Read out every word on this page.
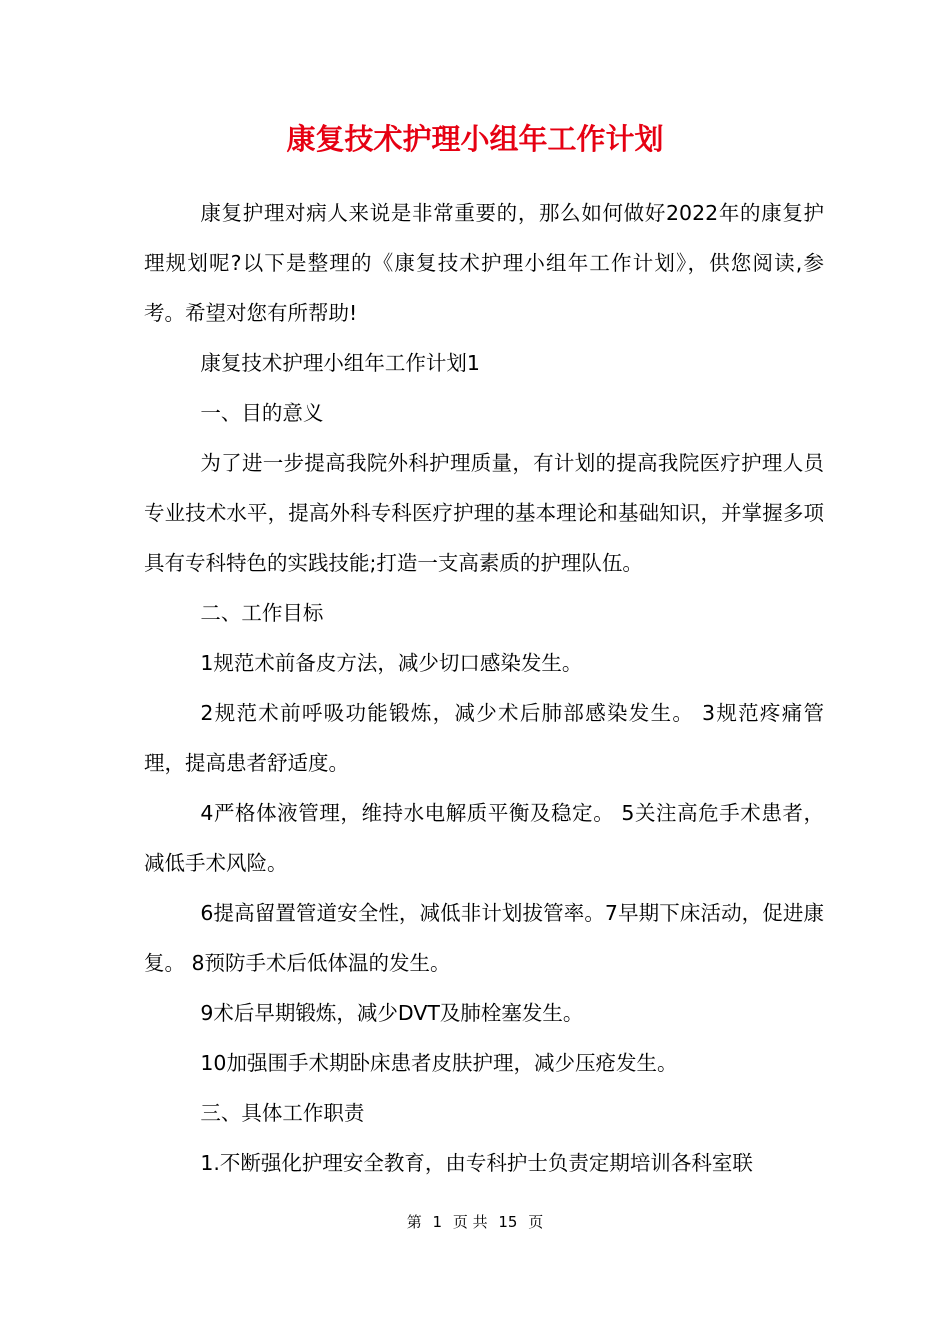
康复技术护理小组年工作计划

康复护理对病人来说是非常重要的，那么如何做好2022年的康复护理规划呢?以下是整理的《康复技术护理小组年工作计划》，供您阅读,参考。希望对您有所帮助!

康复技术护理小组年工作计划1

一、目的意义

为了进一步提高我院外科护理质量，有计划的提高我院医疗护理人员专业技术水平，提高外科专科医疗护理的基本理论和基础知识，并掌握多项具有专科特色的实践技能;打造一支高素质的护理队伍。

二、工作目标

1规范术前备皮方法，减少切口感染发生。

2规范术前呼吸功能锻炼，减少术后肺部感染发生。 3规范疼痛管理，提高患者舒适度。

4严格体液管理，维持水电解质平衡及稳定。 5关注高危手术患者，减低手术风险。

6提高留置管道安全性，减低非计划拔管率。7早期下床活动，促进康复。 8预防手术后低体温的发生。

9术后早期锻炼，减少DVT及肺栓塞发生。

10加强围手术期卧床患者皮肤护理，减少压疮发生。

三、具体工作职责

1.不断强化护理安全教育，由专科护士负责定期培训各科室联

第 1 页 共 15 页
